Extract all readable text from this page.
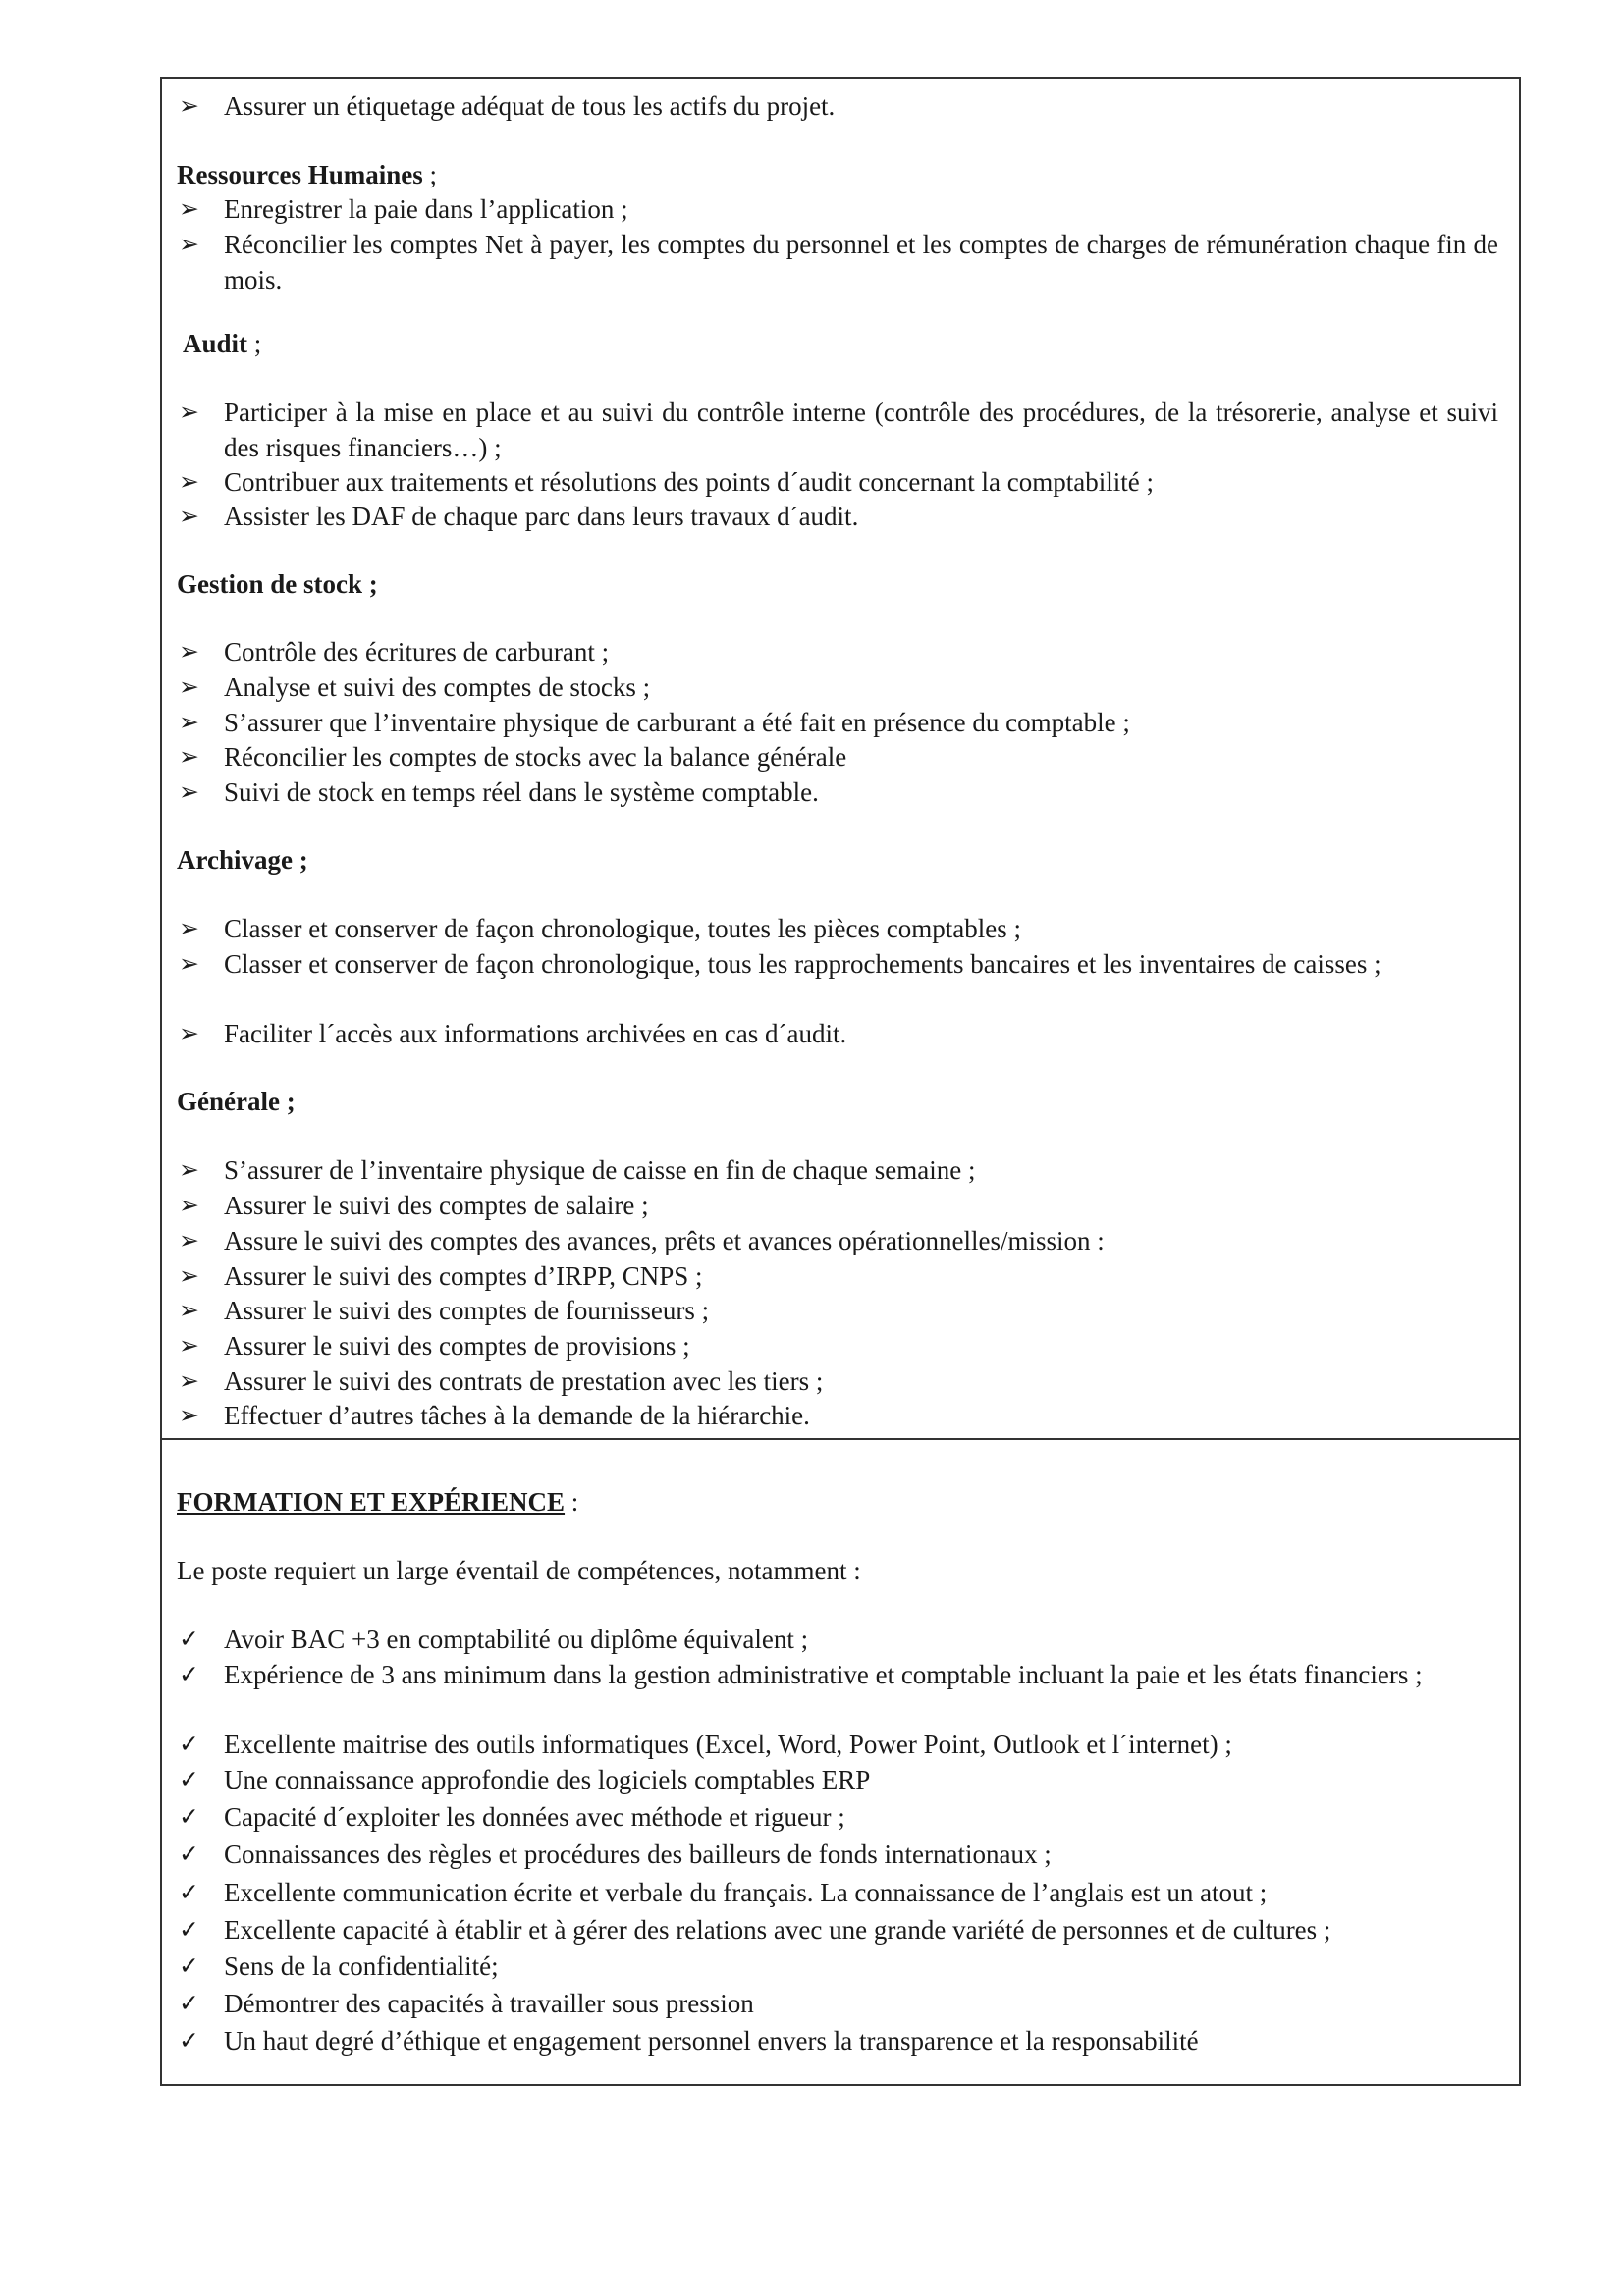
➢ Assurer un étiquetage adéquat de tous les actifs du projet.
Ressources Humaines ;
➢ Enregistrer la paie dans l’application ;
➢ Réconcilier les comptes Net à payer, les comptes du personnel et les comptes de charges de rémunération chaque fin de mois.
Audit ;
➢ Participer à la mise en place et au suivi du contrôle interne (contrôle des procédures, de la trésorerie, analyse et suivi des risques financiers…) ;
➢ Contribuer aux traitements et résolutions des points d´audit concernant la comptabilité ;
➢ Assister les DAF de chaque parc dans leurs travaux d´audit.
Gestion de stock ;
➢ Contrôle des écritures de carburant ;
➢ Analyse et suivi des comptes de stocks ;
➢ S’assurer que l’inventaire physique de carburant a été fait en présence du comptable ;
➢ Réconcilier les comptes de stocks avec la balance générale
➢ Suivi de stock en temps réel dans le système comptable.
Archivage ;
➢ Classer et conserver de façon chronologique, toutes les pièces comptables ;
➢ Classer et conserver de façon chronologique, tous les rapprochements bancaires et les inventaires de caisses ;
➢ Faciliter l´accès aux informations archivées en cas d´audit.
Générale ;
➢ S’assurer de l’inventaire physique de caisse en fin de chaque semaine ;
➢ Assurer le suivi des comptes de salaire ;
➢ Assure le suivi des comptes des avances, prêts et avances opérationnelles/mission :
➢ Assurer le suivi des comptes d’IRPP, CNPS ;
➢ Assurer le suivi des comptes de fournisseurs ;
➢ Assurer le suivi des comptes de provisions ;
➢ Assurer le suivi des contrats de prestation avec les tiers ;
➢ Effectuer d’autres tâches à la demande de la hiérarchie.
FORMATION ET EXPÉRIENCE :
Le poste requiert un large éventail de compétences, notamment :
✓ Avoir BAC +3 en comptabilité ou diplôme équivalent ;
✓ Expérience de 3 ans minimum dans la gestion administrative et comptable incluant la paie et les états financiers ;
✓ Excellente maitrise des outils informatiques (Excel, Word, Power Point, Outlook et l´internet) ;
✓ Une connaissance approfondie des logiciels comptables ERP
✓ Capacité d´exploiter les données avec méthode et rigueur ;
✓ Connaissances des règles et procédures des bailleurs de fonds internationaux ;
✓ Excellente communication écrite et verbale du français. La connaissance de l’anglais est un atout ;
✓ Excellente capacité à établir et à gérer des relations avec une grande variété de personnes et de cultures ;
✓ Sens de la confidentialité;
✓ Démontrer des capacités à travailler sous pression
✓ Un haut degré d’éthique et engagement personnel envers la transparence et la responsabilité
